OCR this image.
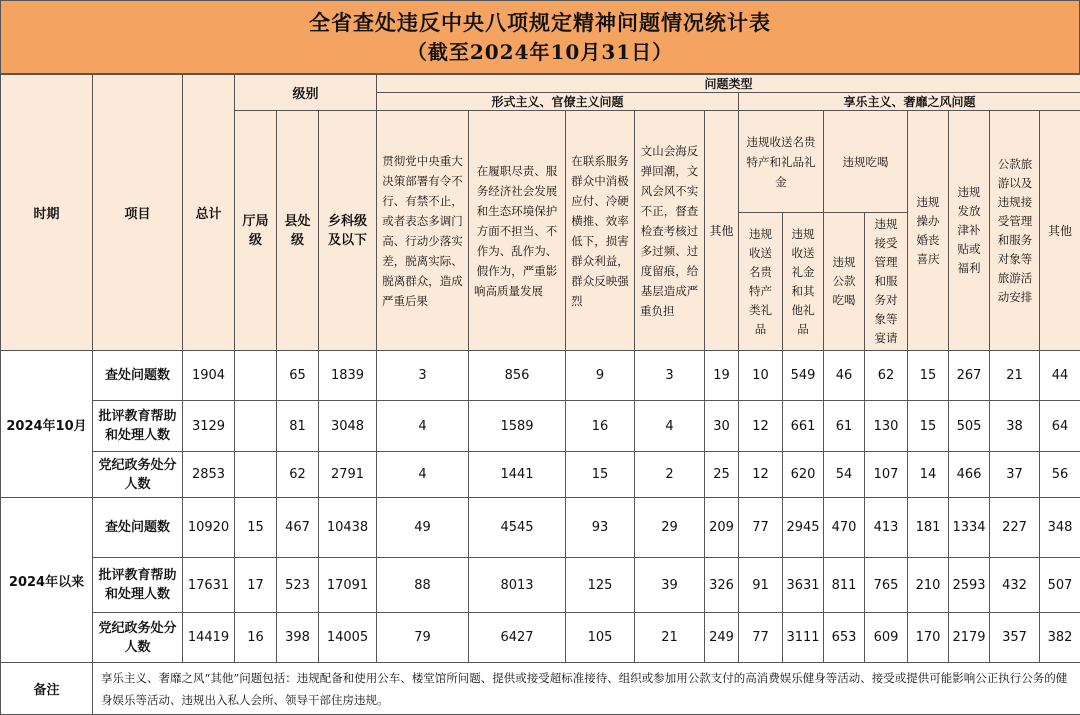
全省查处违反中央八项规定精神问题情况统计表
（截至2024年10月31日）
时期	项目	总计	级别			问题类型												
						形式主义、官僚主义问题					享乐主义、奢靡之风问题							

			厅局级	县处级	乡科级及以下	贯彻党中央重大决策部署有令不行、有禁不止，或者表态多调门高、行动少落实差，脱离实际、脱离群众，造成严重后果	在履职尽责、服务经济社会发展和生态环境保护方面不担当、不作为、乱作为、假作为，严重影响高质量发展	在联系服务群众中消极应付、冷硬横推、效率低下，损害群众利益，群众反映强烈	文山会海反弹回潮，文风会风不实不正，督查检查考核过多过频、过度留痕，给基层造成严重负担	其他	违规收送名贵特产和礼品礼金		违规吃喝		违规操办婚丧喜庆	违规发放津补贴或福利	公款旅游以及违规接受管理和服务对象等旅游活动安排	其他

											违规收送名贵特产类礼品	违规收送礼金和其他礼品	违规公款吃喝	违规接受管理和服务对象等宴请				

2024年10月	查处问题数	1904		65	1839	3	856	9	3	19	10	549	46	62	15	267	21	44
	批评教育帮助和处理人数	3129		81	3048	4	1589	16	4	30	12	661	61	130	15	505	38	64
	党纪政务处分人数	2853		62	2791	4	1441	15	2	25	12	620	54	107	14	466	37	56
2024年以来	查处问题数	10920	15	467	10438	49	4545	93	29	209	77	2945	470	413	181	1334	227	348
	批评教育帮助和处理人数	17631	17	523	17091	88	8013	125	39	326	91	3631	811	765	210	2593	432	507
	党纪政务处分人数	14419	16	398	14005	79	6427	105	21	249	77	3111	653	609	170	2179	357	382
备注	享乐主义、奢靡之风“其他”问题包括：违规配备和使用公车、楼堂馆所问题、提供或接受超标准接待、组织或参加用公款支付的高消费娱乐健身等活动、接受或提供可能影响公正执行公务的健身娱乐等活动、违规出入私人会所、领导干部住房违规。																	
